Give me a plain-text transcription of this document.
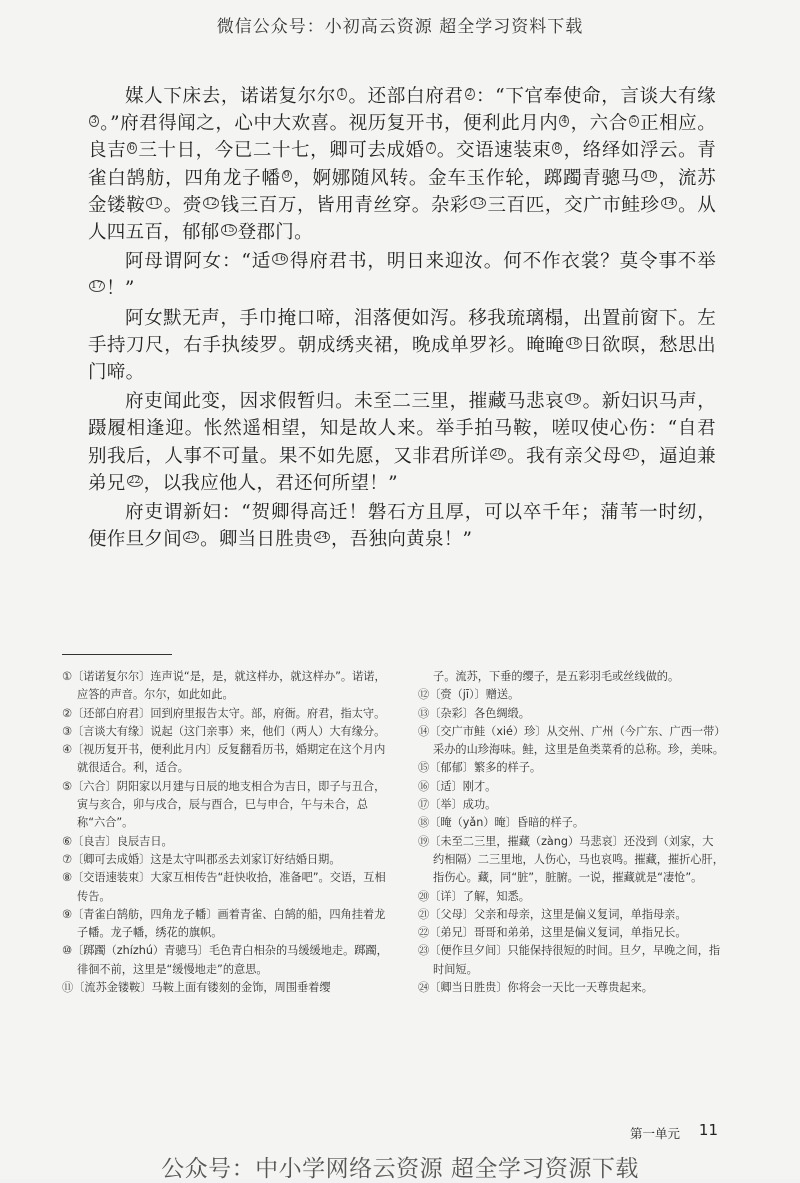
微信公众号：小初高云资源 超全学习资料下载

媒人下床去，诺诺复尔尔 $^1$ 。还部白府君 $^2$ ：“下官奉使命，言谈大有缘$^3$ 。”府君得闻之，心中大欢喜。视历复开书，便利此月内 $^4$ ，六合 $^5$ 正相应。良吉 $^6$ 三十日，今已二十七，卿可去成婚 $^7$ 。交语速装束 $^8$ ，络绎如浮云。青雀白鹄舫，四角龙子幡 $^9$ ，婀娜随风转。金车玉作轮，踯躅青骢马 $^{10}$ ，流苏金镂鞍 $^{11}$ 。赍 $^{12}$ 钱三百万，皆用青丝穿。杂彩 $^{13}$ 三百匹，交广市鲑珍 $^{14}$ 。从人四五百，郁郁 $^{15}$ 登郡门。

阿母谓阿女：“适 $^{16}$ 得府君书，明日来迎汝。何不作衣裳？莫令事不举$^{17}$ ！”

阿女默无声，手巾掩口啼，泪落便如泻。移我琉璃榻，出置前窗下。左手持刀尺，右手执绫罗。朝成绣夹裙，晚成单罗衫。晻晻 $^{18}$ 日欲暝，愁思出门啼。

府吏闻此变，因求假暂归。未至二三里，摧藏马悲哀 $^{19}$ 。新妇识马声，蹑履相逢迎。怅然遥相望，知是故人来。举手拍马鞍，嗟叹使心伤：“自君别我后，人事不可量。果不如先愿，又非君所详 $^{20}$ 。我有亲父母 $^{21}$ ，逼迫兼弟兄 $^{22}$ ，以我应他人，君还何所望！”

府吏谓新妇：“贺卿得高迁！磐石方且厚，可以卒千年；蒲苇一时纫，便作旦夕间 $^{23}$ 。卿当日胜贵 $^{24}$ ，吾独向黄泉！”

①〔诺诺复尔尔〕连声说“是，是，就这样办，就这样办”。诺诺，应答的声音。尔尔，如此如此。

②〔还部白府君〕回到府里报告太守。部，府衙。府君，指太守。

③〔言谈大有缘〕说起（这门亲事）来，他们（两人）大有缘分。

④〔视历复开书，便利此月内〕反复翻看历书，婚期定在这个月内就很适合。利，适合。

⑤〔六合〕阴阳家以月建与日辰的地支相合为吉日，即子与丑合，寅与亥合，卯与戌合，辰与酉合，巳与申合，午与未合，总称“六合”。

⑥〔良吉〕良辰吉日。

⑦〔卿可去成婚〕这是太守叫郡丞去刘家订好结婚日期。

⑧〔交语速装束〕大家互相传告“赶快收拾，准备吧”。交语，互相传告。

⑨〔青雀白鹄舫，四角龙子幡〕画着青雀、白鹄的船，四角挂着龙子幡。龙子幡，绣花的旗帜。

⑩〔踯躅（zhízhú）青骢马〕毛色青白相杂的马缓缓地走。踯躅，徘徊不前，这里是“缓慢地走”的意思。

⑪〔流苏金镂鞍〕马鞍上面有镂刻的金饰，周围垂着缨

子。流苏，下垂的缨子，是五彩羽毛或丝线做的。

⑫〔赍（jī）〕赠送。

⑬〔杂彩〕各色绸缎。

⑭〔交广市鲑（xié）珍〕从交州、广州（今广东、广西一带）采办的山珍海味。鲑，这里是鱼类菜肴的总称。珍，美味。

⑮〔郁郁〕繁多的样子。

⑯〔适〕刚才。

⑰〔举〕成功。

⑱〔晻（yǎn）晻〕昏暗的样子。

⑲〔未至二三里，摧藏（zàng）马悲哀〕还没到（刘家，大约相隔）二三里地，人伤心，马也哀鸣。摧藏，摧折心肝，指伤心。藏，同“脏”，脏腑。一说，摧藏就是“凄怆”。

⑳〔详〕了解，知悉。

㉑〔父母〕父亲和母亲，这里是偏义复词，单指母亲。

㉒〔弟兄〕哥哥和弟弟，这里是偏义复词，单指兄长。

㉓〔便作旦夕间〕只能保持很短的时间。旦夕，早晚之间，指时间短。

㉔〔卿当日胜贵〕你将会一天比一天尊贵起来。

第一单元 11
公众号：中小学网络云资源 超全学习资源下载
